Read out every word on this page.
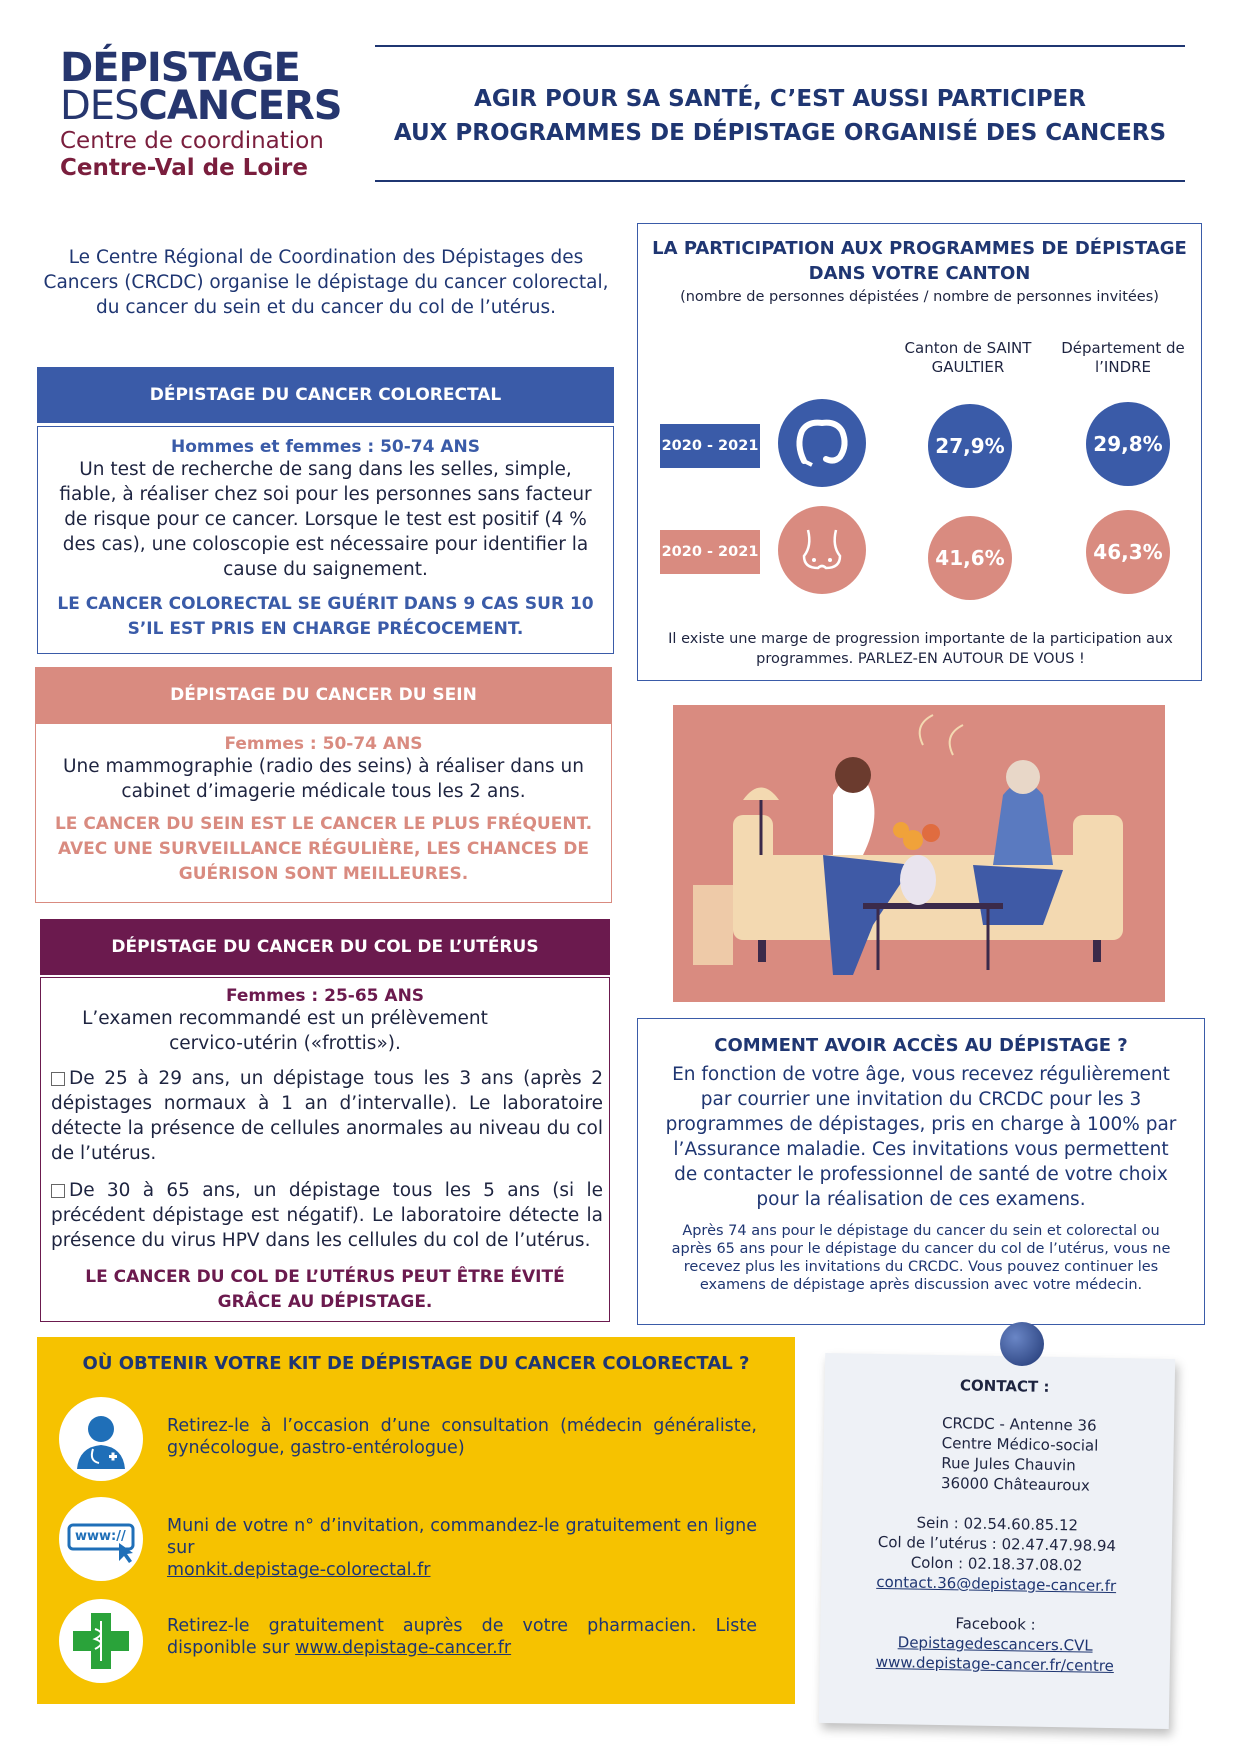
DÉPISTAGE
DESCANCERS
Centre de coordination
Centre-Val de Loire
AGIR POUR SA SANTÉ, C’EST AUSSI PARTICIPER
AUX PROGRAMMES DE DÉPISTAGE ORGANISÉ DES CANCERS
Le Centre Régional de Coordination des Dépistages des
Cancers (CRCDC) organise le dépistage du cancer colorectal,
du cancer du sein et du cancer du col de l’utérus.
DÉPISTAGE DU CANCER COLORECTAL
Hommes et femmes : 50-74 ANS
Un test de recherche de sang dans les selles, simple,
fiable, à réaliser chez soi pour les personnes sans facteur
de risque pour ce cancer. Lorsque le test est positif (4 %
des cas), une coloscopie est nécessaire pour identifier la
cause du saignement.
LE CANCER COLORECTAL SE GUÉRIT DANS 9 CAS SUR 10
S’IL EST PRIS EN CHARGE PRÉCOCEMENT.
DÉPISTAGE DU CANCER DU SEIN
Femmes : 50-74 ANS
Une mammographie (radio des seins) à réaliser dans un
cabinet d’imagerie médicale tous les 2 ans.
LE CANCER DU SEIN EST LE CANCER LE PLUS FRÉQUENT.
AVEC UNE SURVEILLANCE RÉGULIÈRE, LES CHANCES DE
GUÉRISON SONT MEILLEURES.
DÉPISTAGE DU CANCER DU COL DE L’UTÉRUS
Femmes : 25-65 ANS
L’examen recommandé est un prélèvement
cervico-utérin («frottis»).
De 25 à 29 ans, un dépistage tous les 3 ans (après 2 dépistages normaux à 1 an d’intervalle). Le laboratoire détecte la présence de cellules anormales au niveau du col de l’utérus.
De 30 à 65 ans, un dépistage tous les 5 ans (si le précédent dépistage est négatif). Le laboratoire détecte la présence du virus HPV dans les cellules du col de l’utérus.
LE CANCER DU COL DE L’UTÉRUS PEUT ÊTRE ÉVITÉ
GRÂCE AU DÉPISTAGE.
LA PARTICIPATION AUX PROGRAMMES DE DÉPISTAGE
DANS VOTRE CANTON
(nombre de personnes dépistées / nombre de personnes invitées)
Canton de SAINT
GAULTIER
Département de
l’INDRE
2020 - 2021	27,9%	29,8%
2020 - 2021	41,6%	46,3%
Il existe une marge de progression importante de la participation aux
programmes. PARLEZ-EN AUTOUR DE VOUS !
COMMENT AVOIR ACCÈS AU DÉPISTAGE ?
En fonction de votre âge, vous recevez régulièrement
par courrier une invitation du CRCDC pour les 3
programmes de dépistages, pris en charge à 100% par
l’Assurance maladie. Ces invitations vous permettent
de contacter le professionnel de santé de votre choix
pour la réalisation de ces examens.
Après 74 ans pour le dépistage du cancer du sein et colorectal ou
après 65 ans pour le dépistage du cancer du col de l’utérus, vous ne
recevez plus les invitations du CRCDC. Vous pouvez continuer les
examens de dépistage après discussion avec votre médecin.
OÙ OBTENIR VOTRE KIT DE DÉPISTAGE DU CANCER COLORECTAL ?
Retirez-le à l’occasion d’une consultation (médecin généraliste, gynécologue, gastro-entérologue)
www://
Muni de votre n° d’invitation, commandez-le gratuitement en ligne sur
monkit.depistage-colorectal.fr
Retirez-le gratuitement auprès de votre pharmacien. Liste disponible sur www.depistage-cancer.fr
CONTACT :
CRCDC - Antenne 36
Centre Médico-social
Rue Jules Chauvin
36000 Châteauroux
Sein : 02.54.60.85.12
Col de l’utérus : 02.47.47.98.94
Colon : 02.18.37.08.02
contact.36@depistage-cancer.fr
Facebook :
Depistagedescancers.CVL
www.depistage-cancer.fr/centre
